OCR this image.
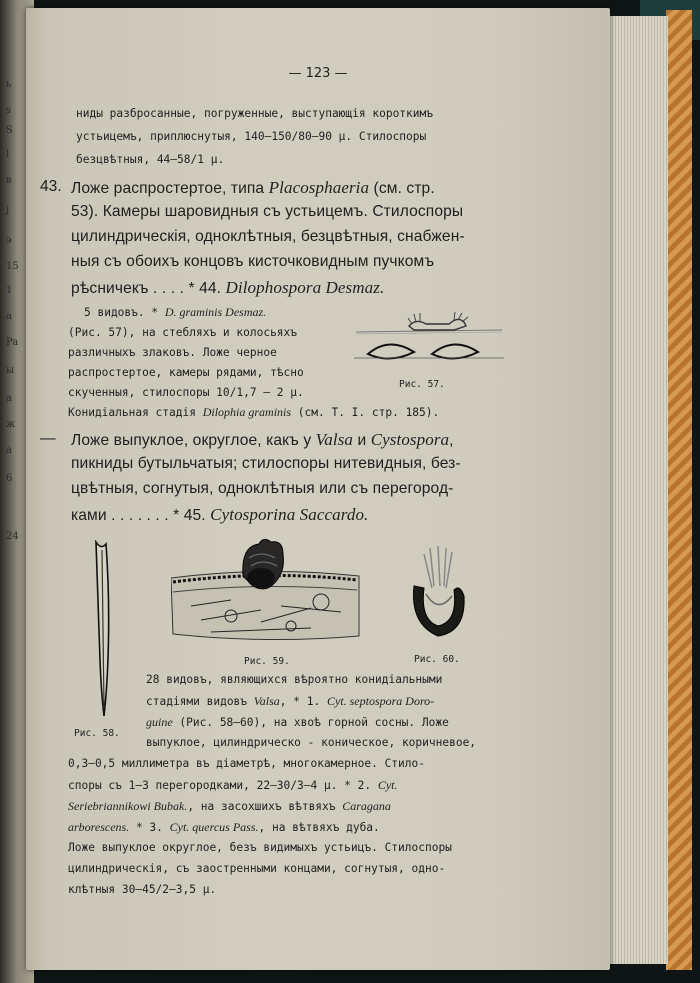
ь
s
S
l
в
j
э
15
1
a
Pa
ы
a
ж
a
6
24

— 123 —

ниды разбросанные, погруженные, выступающія короткимъ

устьицемъ, приплюснутыя, 140—150/80—90 μ. Стилоспоры

безцвѣтныя, 44—58/1 μ.

43. Ложе распростертое, типа Placosphaeria (см. стр.

53). Камеры шаровидныя съ устьицемъ. Стилоспоры

цилиндрическія, одноклѣтныя, безцвѣтныя, снабжен-

ныя съ обоихъ концовъ кисточковидным пучкомъ

рѣсничекъ . . . . * 44. Dilophospora Desmaz.

5 видовъ. * D. graminis Desmaz.

(Рис. 57), на стебляхъ и колосьяхъ

различныхъ злаковъ. Ложе черное

распростертое, камеры рядами, тѣсно

скученныя, стилоспоры 10/1,7 — 2 μ.

Конидіальная стадія Dilophia graminis (см. Т. I. стр. 185).

Рис. 57.
— Ложе выпуклое, округлое, какъ у Valsa и Cystospora,

пикниды бутыльчатыя; стилоспоры нитевидныя, без-

цвѣтныя, согнутыя, одноклѣтныя или съ перегород-

ками . . . . . . . * 45. Cytosporina Saccardo.

Рис. 58.
Рис. 59.	Рис. 60.

28 видовъ, являющихся вѣроятно конидіальными

стадіями видовъ Valsa, * 1. Cyt. septospora Doro-

guine (Рис. 58—60), на хвоѣ горной сосны. Ложе

выпуклое, цилиндрическо - коническое, коричневое,

0,3—0,5 миллиметра въ діаметрѣ, многокамерное. Стило-

споры съ 1—3 перегородками, 22—30/3—4 μ. * 2. Cyt.

Seriebriannikowi Bubak., на засохшихъ вѣтвяхъ Caragana

arborescens. * 3. Cyt. quercus Pass., на вѣтвяхъ дуба.

Ложе выпуклое округлое, безъ видимыхъ устьицъ. Стилоспоры

цилиндрическія, съ заостренными концами, согнутыя, одно-

клѣтныя 30—45/2—3,5 μ.
